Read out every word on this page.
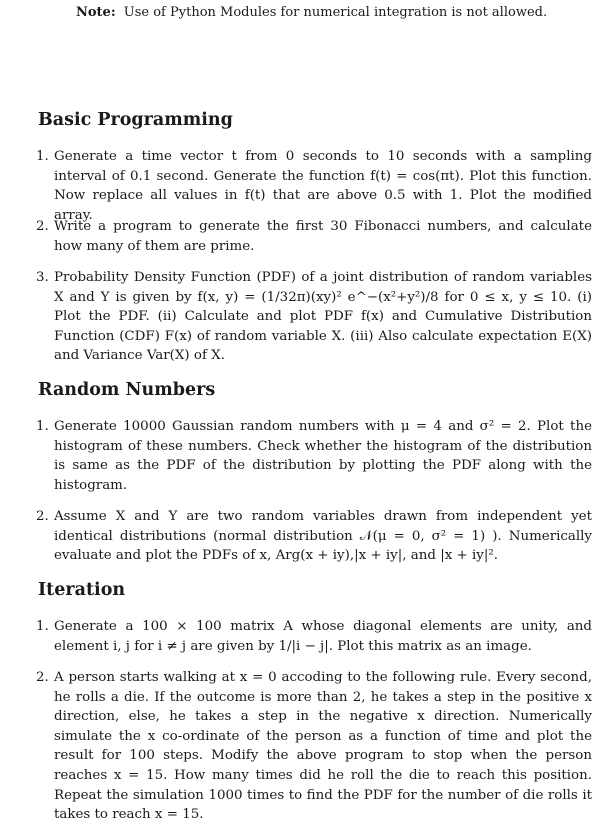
Note: Use of Python Modules for numerical integration is not allowed.
Basic Programming
1. Generate a time vector t from 0 seconds to 10 seconds with a sampling interval of 0.1 second. Generate the function f(t) = cos(πt). Plot this function. Now replace all values in f(t) that are above 0.5 with 1. Plot the modified array.

2. Write a program to generate the first 30 Fibonacci numbers, and calculate how many of them are prime.

3. Probability Density Function (PDF) of a joint distribution of random variables X and Y is given by f(x, y) = (1/32π)(xy)² e^−(x²+y²)/8 for 0 ≤ x, y ≤ 10. (i) Plot the PDF. (ii) Calculate and plot PDF f(x) and Cumulative Distribution Function (CDF) F(x) of random variable X. (iii) Also calculate expectation E(X) and Variance Var(X) of X.

Random Numbers
1. Generate 10000 Gaussian random numbers with μ = 4 and σ² = 2. Plot the histogram of these numbers. Check whether the histogram of the distribution is same as the PDF of the distribution by plotting the PDF along with the histogram.

2. Assume X and Y are two random variables drawn from independent yet identical distributions (normal distribution 𝒩(μ = 0, σ² = 1) ). Numerically evaluate and plot the PDFs of x, Arg(x + iy),|x + iy|, and |x + iy|².

Iteration
1. Generate a 100 × 100 matrix A whose diagonal elements are unity, and element i, j for i ≠ j are given by 1/|i − j|. Plot this matrix as an image.

2. A person starts walking at x = 0 accoding to the following rule. Every second, he rolls a die. If the outcome is more than 2, he takes a step in the positive x direction, else, he takes a step in the negative x direction. Numerically simulate the x co-ordinate of the person as a function of time and plot the result for 100 steps. Modify the above program to stop when the person reaches x = 15. How many times did he roll the die to reach this position. Repeat the simulation 1000 times to find the PDF for the number of die rolls it takes to reach x = 15.
